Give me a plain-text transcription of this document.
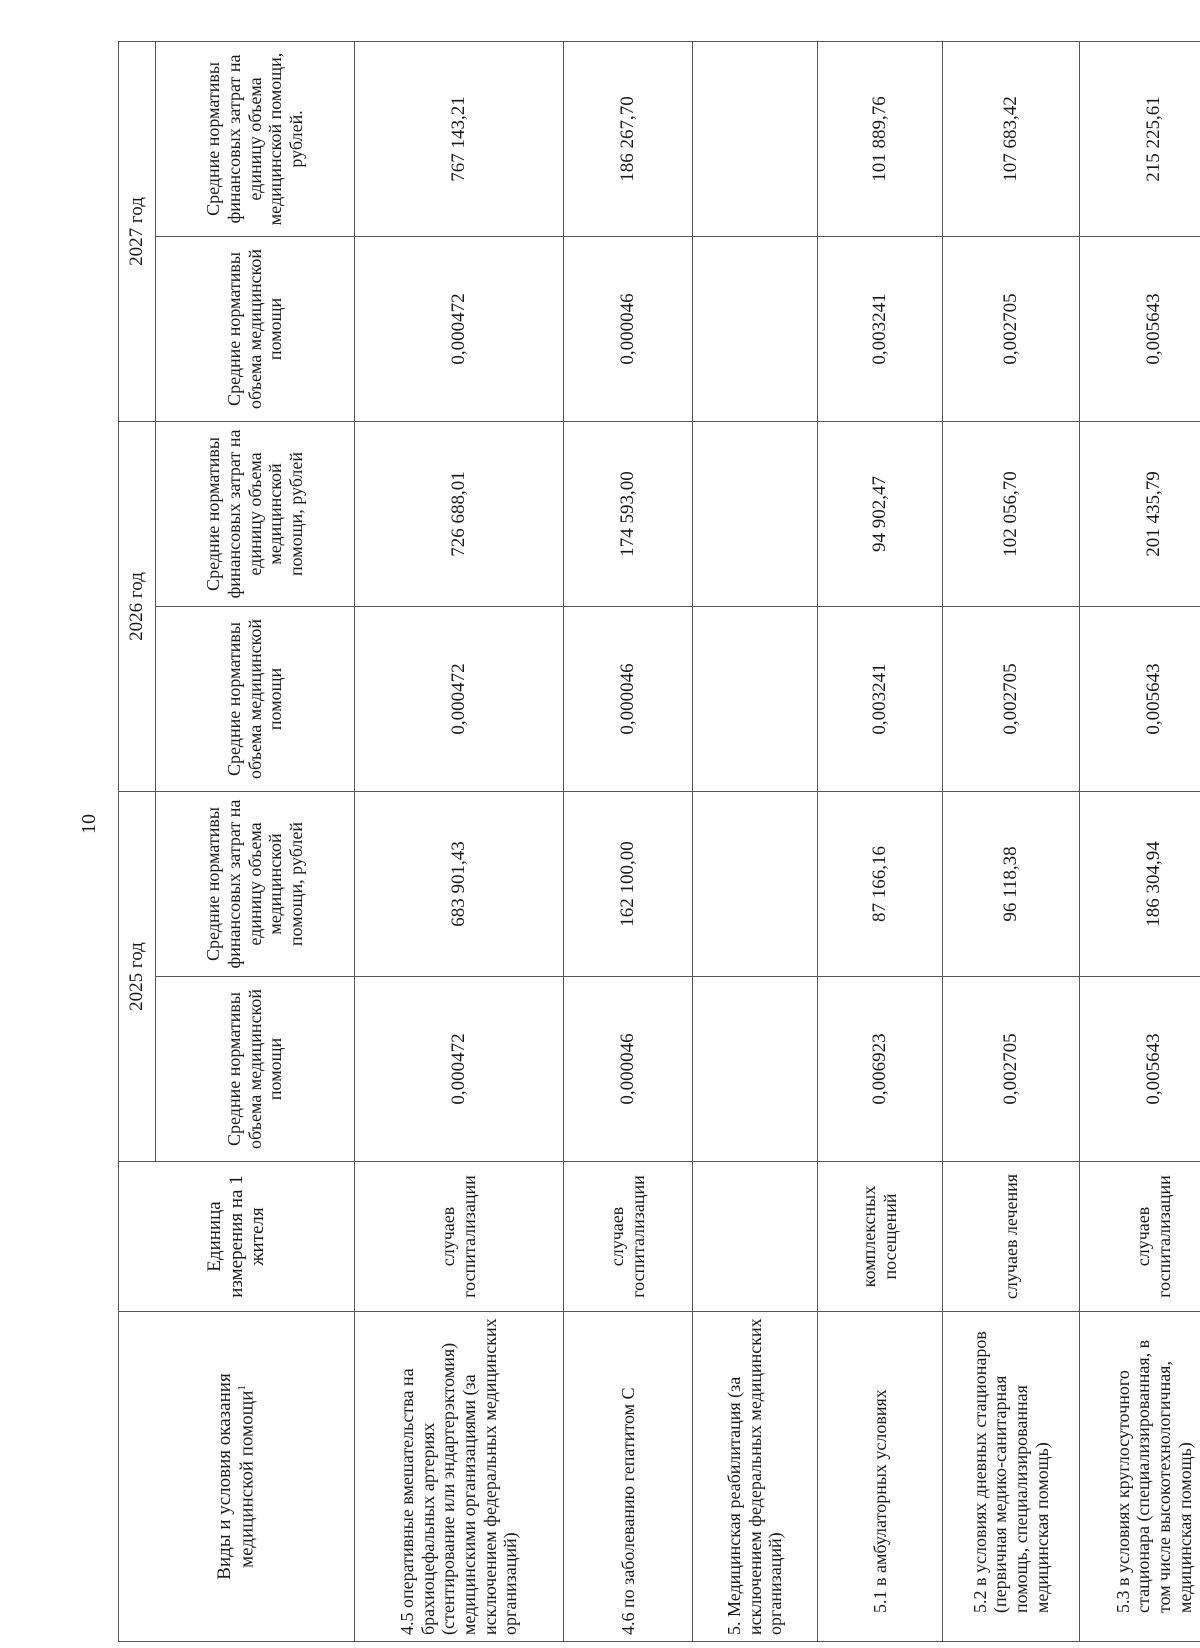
10
Виды и условия оказания медицинской помощи$^1$	Единица измерения на 1 жителя	2025 год		2026 год		2027 год	
		Средние нормативы объема медицинской помощи	Средние нормативы финансовых затрат на единицу объема медицинской помощи, рублей	Средние нормативы объема медицинской помощи	Средние нормативы финансовых затрат на единицу объема медицинской помощи, рублей	Средние нормативы объема медицинской помощи	Средние нормативы финансовых затрат на единицу объема медицинской помощи, рублей.
4.5 оперативные вмешательства на брахиоцефальных артериях (стентирование или эндартерэктомия) медицинскими организациями (за исключением федеральных медицинских организаций)	случаев госпитализации	0,000472	683 901,43	0,000472	726 688,01	0,000472	767 143,21
4.6 по заболеванию гепатитом С	случаев госпитализации	0,000046	162 100,00	0,000046	174 593,00	0,000046	186 267,70
5. Медицинская реабилитация (за исключением федеральных медицинских организаций)							
5.1 в амбулаторных условиях	комплексных посещений	0,006923	87 166,16	0,003241	94 902,47	0,003241	101 889,76
5.2 в условиях дневных стационаров (первичная медико-санитарная помощь, специализированная медицинская помощь)	случаев лечения	0,002705	96 118,38	0,002705	102 056,70	0,002705	107 683,42
5.3 в условиях круглосуточного стационара (специализированная, в том числе высокотехнологичная, медицинская помощь)	случаев госпитализации	0,005643	186 304,94	0,005643	201 435,79	0,005643	215 225,61
